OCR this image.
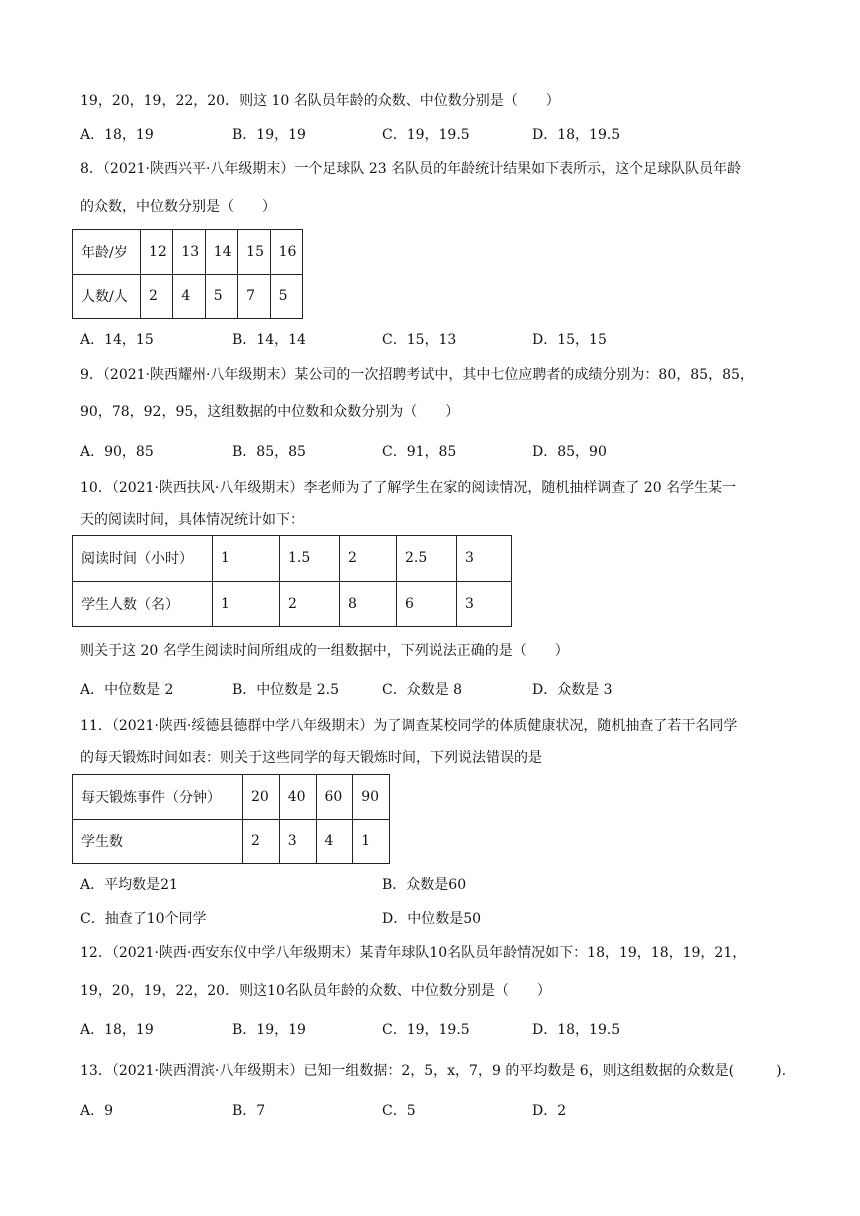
19，20，19，22，20．则这 10 名队员年龄的众数、中位数分别是（　　）
A．18，19	B．19，19	C．19，19.5	D．18，19.5
8．（2021·陕西兴平·八年级期末）一个足球队 23 名队员的年龄统计结果如下表所示，这个足球队队员年龄
的众数，中位数分别是（　　）
年龄/岁	12	13	14	15	16
人数/人	2	4	5	7	5
A．14，15	B．14，14	C．15，13	D．15，15
9．（2021·陕西耀州·八年级期末）某公司的一次招聘考试中，其中七位应聘者的成绩分别为：80，85，85，
90，78，92，95，这组数据的中位数和众数分别为（　　）
A．90，85	B．85，85	C．91，85	D．85，90
10．（2021·陕西扶风·八年级期末）李老师为了了解学生在家的阅读情况，随机抽样调查了 20 名学生某一
天的阅读时间，具体情况统计如下：
阅读时间（小时）	1	1.5	2	2.5	3
学生人数（名）	1	2	8	6	3
则关于这 20 名学生阅读时间所组成的一组数据中，下列说法正确的是（　　）
A．中位数是 2	B．中位数是 2.5	C．众数是 8	D．众数是 3
11．（2021·陕西·绥德县德群中学八年级期末）为了调查某校同学的体质健康状况，随机抽查了若干名同学
的每天锻炼时间如表：则关于这些同学的每天锻炼时间，下列说法错误的是
每天锻炼事件（分钟）	20	40	60	90
学生数	2	3	4	1
A．平均数是21	B．众数是60
C．抽查了10个同学	D．中位数是50
12．（2021·陕西·西安东仪中学八年级期末）某青年球队10名队员年龄情况如下：18，19，18，19，21，
19，20，19，22，20．则这10名队员年龄的众数、中位数分别是（　　）
A．18，19	B．19，19	C．19，19.5	D．18，19.5
13．（2021·陕西渭滨·八年级期末）已知一组数据：2，5，x，7，9 的平均数是 6，则这组数据的众数是(　　　).
A．9	B．7	C．5	D．2
